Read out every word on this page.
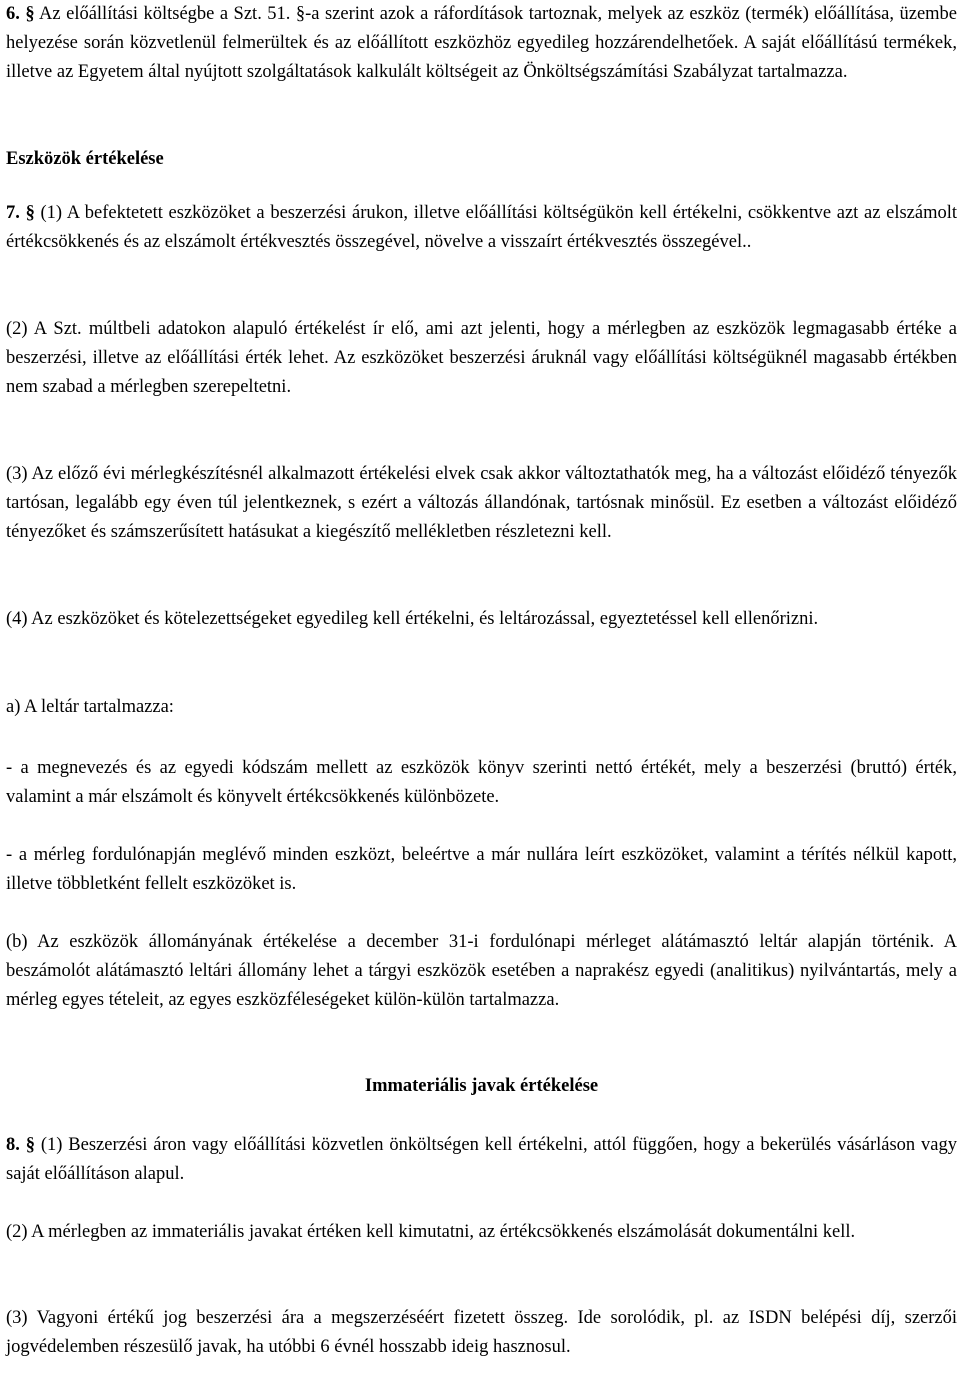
6. § Az előállítási költségbe a Szt. 51. §-a szerint azok a ráfordítások tartoznak, melyek az eszköz (termék) előállítása, üzembe helyezése során közvetlenül felmerültek és az előállított eszközhöz egyedileg hozzárendelhetőek. A saját előállítású termékek, illetve az Egyetem által nyújtott szolgáltatások kalkulált költségeit az Önköltségszámítási Szabályzat tartalmazza.

Eszközök értékelése

7. § (1) A befektetett eszközöket a beszerzési árukon, illetve előállítási költségükön kell értékelni, csökkentve azt az elszámolt értékcsökkenés és az elszámolt értékvesztés összegével, növelve a visszaírt értékvesztés összegével..

(2) A Szt. múltbeli adatokon alapuló értékelést ír elő, ami azt jelenti, hogy a mérlegben az eszközök legmagasabb értéke a beszerzési, illetve az előállítási érték lehet. Az eszközöket beszerzési áruknál vagy előállítási költségüknél magasabb értékben nem szabad a mérlegben szerepeltetni.

(3) Az előző évi mérlegkészítésnél alkalmazott értékelési elvek csak akkor változtathatók meg, ha a változást előidéző tényezők tartósan, legalább egy éven túl jelentkeznek, s ezért a változás állandónak, tartósnak minősül. Ez esetben a változást előidéző tényezőket és számszerűsített hatásukat a kiegészítő mellékletben részletezni kell.

(4) Az eszközöket és kötelezettségeket egyedileg kell értékelni, és leltározással, egyeztetéssel kell ellenőrizni.

a) A leltár tartalmazza:

- a megnevezés és az egyedi kódszám mellett az eszközök könyv szerinti nettó értékét, mely a beszerzési (bruttó) érték, valamint a már elszámolt és könyvelt értékcsökkenés különbözete.

- a mérleg fordulónapján meglévő minden eszközt, beleértve a már nullára leírt eszközöket, valamint a térítés nélkül kapott, illetve többletként fellelt eszközöket is.

(b) Az eszközök állományának értékelése a december 31-i fordulónapi mérleget alátámasztó leltár alapján történik. A beszámolót alátámasztó leltári állomány lehet a tárgyi eszközök esetében a naprakész egyedi (analitikus) nyilvántartás, mely a mérleg egyes tételeit, az egyes eszközféleségeket külön-külön tartalmazza.

Immateriális javak értékelése

8. § (1) Beszerzési áron vagy előállítási közvetlen önköltségen kell értékelni, attól függően, hogy a bekerülés vásárláson vagy saját előállításon alapul.

(2) A mérlegben az immateriális javakat értéken kell kimutatni, az értékcsökkenés elszámolását dokumentálni kell.

(3) Vagyoni értékű jog beszerzési ára a megszerzéséért fizetett összeg. Ide sorolódik, pl. az ISDN belépési díj, szerzői jogvédelemben részesülő javak, ha utóbbi 6 évnél hosszabb ideig hasznosul.
